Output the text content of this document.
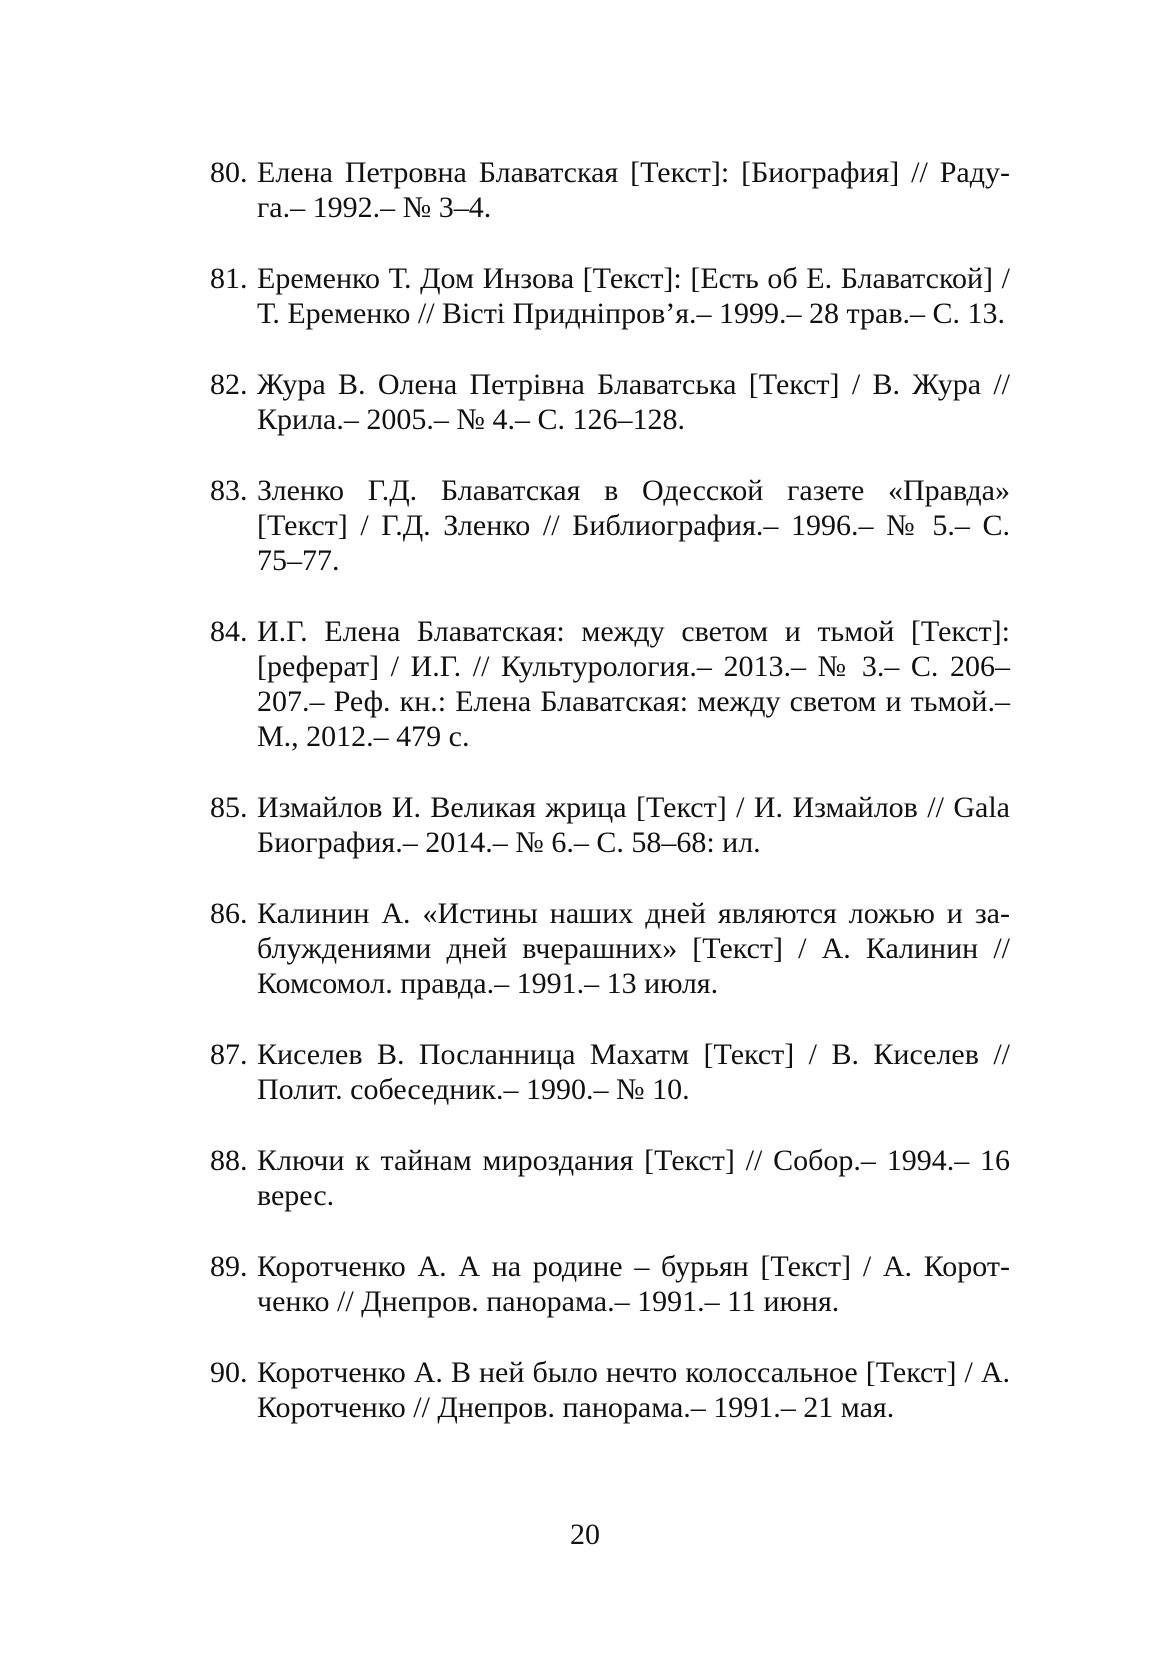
80. Елена Петровна Блаватская [Текст]: [Биография] // Радуга.– 1992.– № 3–4.
81. Еременко Т. Дом Инзова [Текст]: [Есть об Е. Блаватской] / Т. Еременко // Вісті Придніпров’я.– 1999.– 28 трав.– С. 13.
82. Жура В. Олена Петрівна Блаватська [Текст] / В. Жура // Крила.– 2005.– № 4.– С. 126–128.
83. Зленко Г.Д. Блаватская в Одесской газете «Правда» [Текст] / Г.Д. Зленко // Библиография.– 1996.– № 5.– С. 75–77.
84. И.Г. Елена Блаватская: между светом и тьмой [Текст]: [реферат] / И.Г. // Культурология.– 2013.– № 3.– С. 206–207.– Реф. кн.: Елена Блаватская: между светом и тьмой.– М., 2012.– 479 с.
85. Измайлов И. Великая жрица [Текст] / И. Измайлов // Gala Биография.– 2014.– № 6.– С. 58–68: ил.
86. Калинин А. «Истины наших дней являются ложью и заблуждениями дней вчерашних» [Текст] / А. Калинин // Комсомол. правда.– 1991.– 13 июля.
87. Киселев В. Посланница Махатм [Текст] / В. Киселев // Полит. собеседник.– 1990.– № 10.
88. Ключи к тайнам мироздания [Текст] // Собор.– 1994.– 16 верес.
89. Коротченко А. А на родине – бурьян [Текст] / А. Коротченко // Днепров. панорама.– 1991.– 11 июня.
90. Коротченко А. В ней было нечто колоссальное [Текст] / А. Коротченко // Днепров. панорама.– 1991.– 21 мая.
20
